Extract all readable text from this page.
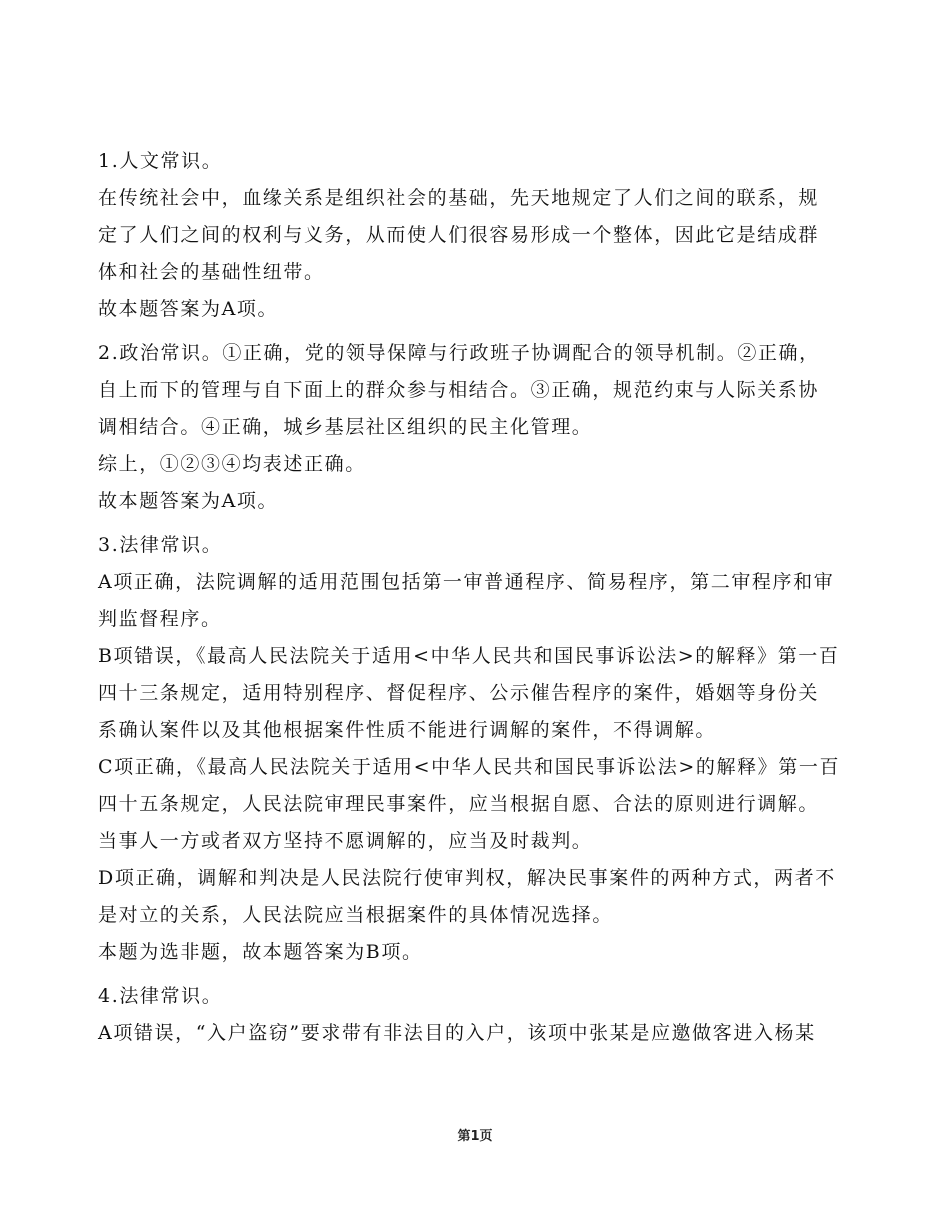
1.人文常识。
在传统社会中，血缘关系是组织社会的基础，先天地规定了人们之间的联系，规
定了人们之间的权利与义务，从而使人们很容易形成一个整体，因此它是结成群
体和社会的基础性纽带。
故本题答案为A项。
2.政治常识。①正确，党的领导保障与行政班子协调配合的领导机制。②正确，
自上而下的管理与自下面上的群众参与相结合。③正确，规范约束与人际关系协
调相结合。④正确，城乡基层社区组织的民主化管理。
综上，①②③④均表述正确。
故本题答案为A项。
3.法律常识。
A项正确，法院调解的适用范围包括第一审普通程序、简易程序，第二审程序和审
判监督程序。
B项错误，《最高人民法院关于适用<中华人民共和国民事诉讼法>的解释》第一百
四十三条规定，适用特别程序、督促程序、公示催告程序的案件，婚姻等身份关
系确认案件以及其他根据案件性质不能进行调解的案件，不得调解。
C项正确，《最高人民法院关于适用<中华人民共和国民事诉讼法>的解释》第一百
四十五条规定，人民法院审理民事案件，应当根据自愿、合法的原则进行调解。
当事人一方或者双方坚持不愿调解的，应当及时裁判。
D项正确，调解和判决是人民法院行使审判权，解决民事案件的两种方式，两者不
是对立的关系，人民法院应当根据案件的具体情况选择。
本题为选非题，故本题答案为B项。
4.法律常识。
A项错误，“入户盗窃”要求带有非法目的入户，该项中张某是应邀做客进入杨某
第1页
